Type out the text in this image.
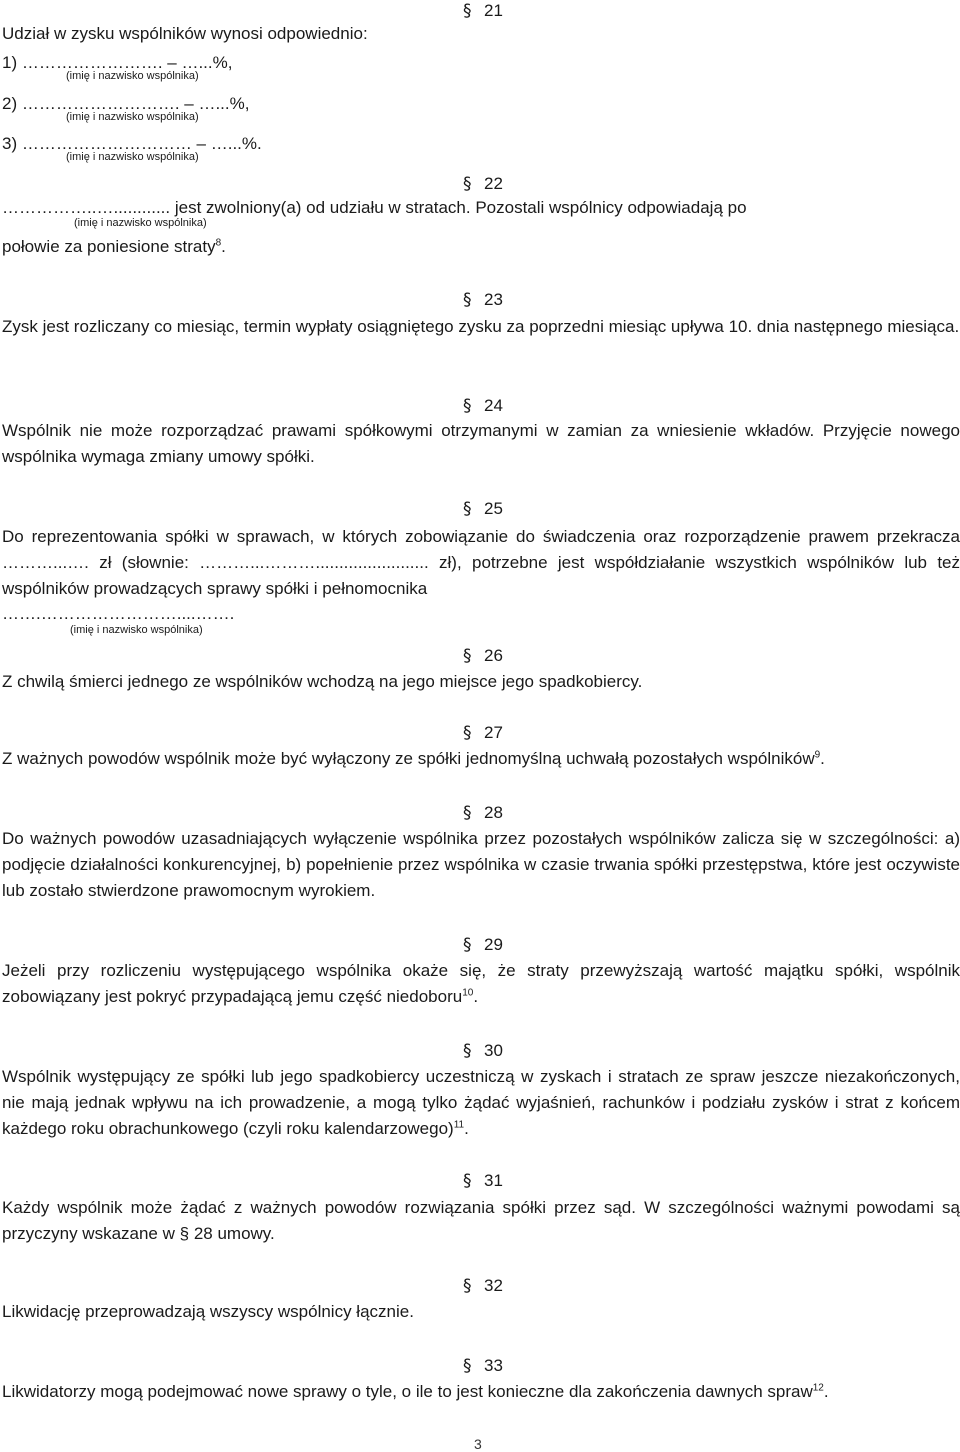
§ 21
Udział w zysku wspólników wynosi odpowiednio:
1) ……………………. – …...%,
(imię i nazwisko wspólnika)
2) ………………………. – …...%,
(imię i nazwisko wspólnika)
3) ………………………… – …...%.
(imię i nazwisko wspólnika)
§ 22
……………..…............ jest zwolniony(a) od udziału w stratach. Pozostali wspólnicy odpowiadają po
(imię i nazwisko wspólnika)
połowie za poniesione straty$^8$.
§ 23
Zysk jest rozliczany co miesiąc, termin wypłaty osiągniętego zysku za poprzedni miesiąc upływa 10. dnia następnego miesiąca.
§ 24
Wspólnik nie może rozporządzać prawami spółkowymi otrzymanymi w zamian za wniesienie wkładów. Przyjęcie nowego wspólnika wymaga zmiany umowy spółki.
§ 25
Do reprezentowania spółki w sprawach, w których zobowiązanie do świadczenia oraz rozporządzenie prawem przekracza ………...…. zł (słownie: ………...………........................ zł), potrzebne jest współdziałanie wszystkich wspólników lub też wspólników prowadzących sprawy spółki i pełnomocnika
…….……………………....…….
(imię i nazwisko wspólnika)
§ 26
Z chwilą śmierci jednego ze wspólników wchodzą na jego miejsce jego spadkobiercy.
§ 27
Z ważnych powodów wspólnik może być wyłączony ze spółki jednomyślną uchwałą pozostałych wspólników$^9$.
§ 28
Do ważnych powodów uzasadniających wyłączenie wspólnika przez pozostałych wspólników zalicza się w szczególności: a) podjęcie działalności konkurencyjnej, b) popełnienie przez wspólnika w czasie trwania spółki przestępstwa, które jest oczywiste lub zostało stwierdzone prawomocnym wyrokiem.
§ 29
Jeżeli przy rozliczeniu występującego wspólnika okaże się, że straty przewyższają wartość majątku spółki, wspólnik zobowiązany jest pokryć przypadającą jemu część niedoboru$^{10}$.
§ 30
Wspólnik występujący ze spółki lub jego spadkobiercy uczestniczą w zyskach i stratach ze spraw jeszcze niezakończonych, nie mają jednak wpływu na ich prowadzenie, a mogą tylko żądać wyjaśnień, rachunków i podziału zysków i strat z końcem każdego roku obrachunkowego (czyli roku kalendarzowego)$^{11}$.
§ 31
Każdy wspólnik może żądać z ważnych powodów rozwiązania spółki przez sąd. W szczególności ważnymi powodami są przyczyny wskazane w § 28 umowy.
§ 32
Likwidację przeprowadzają wszyscy wspólnicy łącznie.
§ 33
Likwidatorzy mogą podejmować nowe sprawy o tyle, o ile to jest konieczne dla zakończenia dawnych spraw$^{12}$.
3
